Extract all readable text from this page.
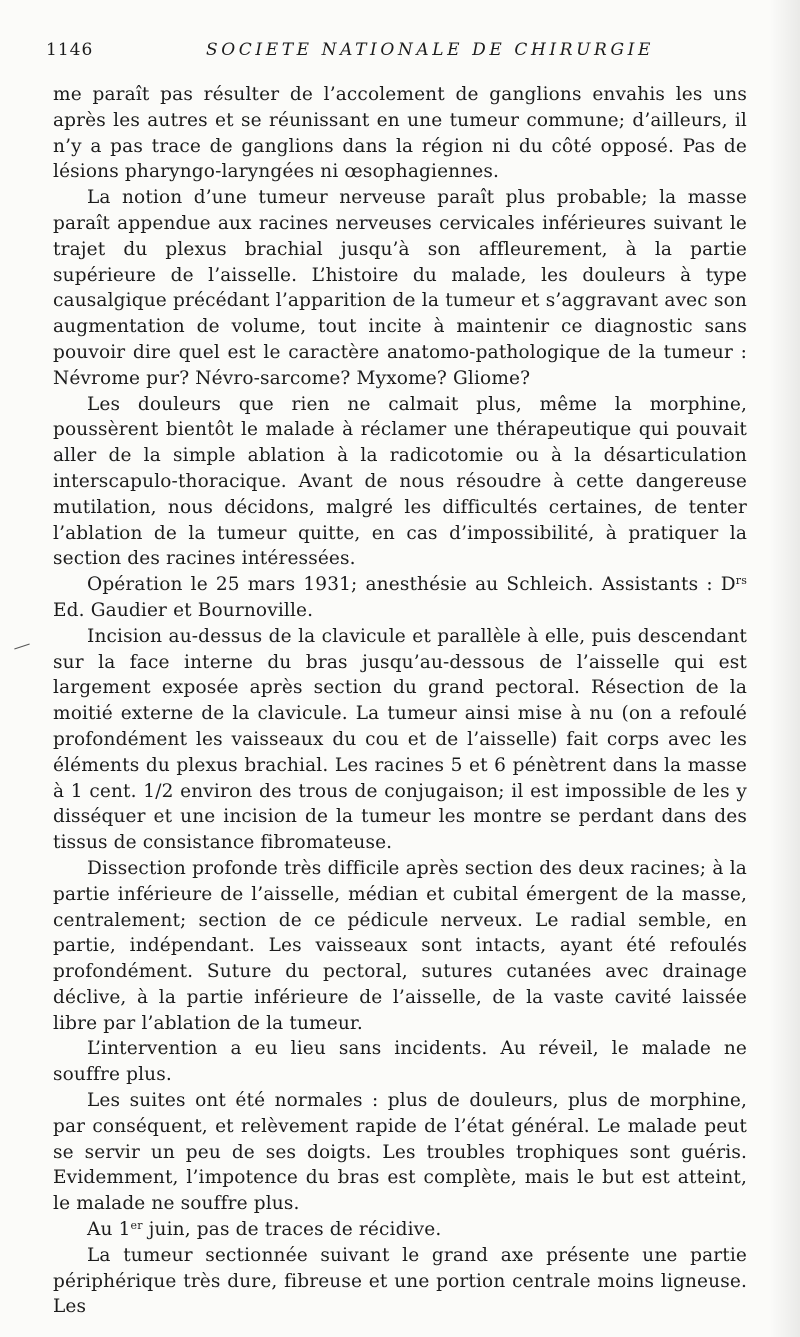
1146	SOCIETE NATIONALE DE CHIRURGIE

me paraît pas résulter de l’accolement de ganglions envahis les uns après les autres et se réunissant en une tumeur commune; d’ailleurs, il n’y a pas trace de ganglions dans la région ni du côté opposé. Pas de lésions pharyngo-laryngées ni œsophagiennes.

La notion d’une tumeur nerveuse paraît plus probable; la masse paraît appendue aux racines nerveuses cervicales inférieures suivant le trajet du plexus brachial jusqu’à son affleurement, à la partie supérieure de l’aisselle. L’histoire du malade, les douleurs à type causalgique précédant l’apparition de la tumeur et s’aggravant avec son augmentation de volume, tout incite à maintenir ce diagnostic sans pouvoir dire quel est le caractère anatomo-pathologique de la tumeur : Névrome pur? Névro-sarcome? Myxome? Gliome?

Les douleurs que rien ne calmait plus, même la morphine, poussèrent bientôt le malade à réclamer une thérapeutique qui pouvait aller de la simple ablation à la radicotomie ou à la désarticulation interscapulo-thoracique. Avant de nous résoudre à cette dangereuse mutilation, nous décidons, malgré les difficultés certaines, de tenter l’ablation de la tumeur quitte, en cas d’impossibilité, à pratiquer la section des racines intéressées.

Opération le 25 mars 1931; anesthésie au Schleich. Assistants : $D^{rs}$ Ed. Gaudier et Bournoville.

Incision au-dessus de la clavicule et parallèle à elle, puis descendant sur la face interne du bras jusqu’au-dessous de l’aisselle qui est largement exposée après section du grand pectoral. Résection de la moitié externe de la clavicule. La tumeur ainsi mise à nu (on a refoulé profondément les vaisseaux du cou et de l’aisselle) fait corps avec les éléments du plexus brachial. Les racines 5 et 6 pénètrent dans la masse à 1 cent. 1/2 environ des trous de conjugaison; il est impossible de les y disséquer et une incision de la tumeur les montre se perdant dans des tissus de consistance fibromateuse.

Dissection profonde très difficile après section des deux racines; à la partie inférieure de l’aisselle, médian et cubital émergent de la masse, centralement; section de ce pédicule nerveux. Le radial semble, en partie, indépendant. Les vaisseaux sont intacts, ayant été refoulés profondément. Suture du pectoral, sutures cutanées avec drainage déclive, à la partie inférieure de l’aisselle, de la vaste cavité laissée libre par l’ablation de la tumeur.

L’intervention a eu lieu sans incidents. Au réveil, le malade ne souffre plus.

Les suites ont été normales : plus de douleurs, plus de morphine, par conséquent, et relèvement rapide de l’état général. Le malade peut se servir un peu de ses doigts. Les troubles trophiques sont guéris. Evidemment, l’impotence du bras est complète, mais le but est atteint, le malade ne souffre plus.

Au 1er juin, pas de traces de récidive.

La tumeur sectionnée suivant le grand axe présente une partie périphérique très dure, fibreuse et une portion centrale moins ligneuse. Les
